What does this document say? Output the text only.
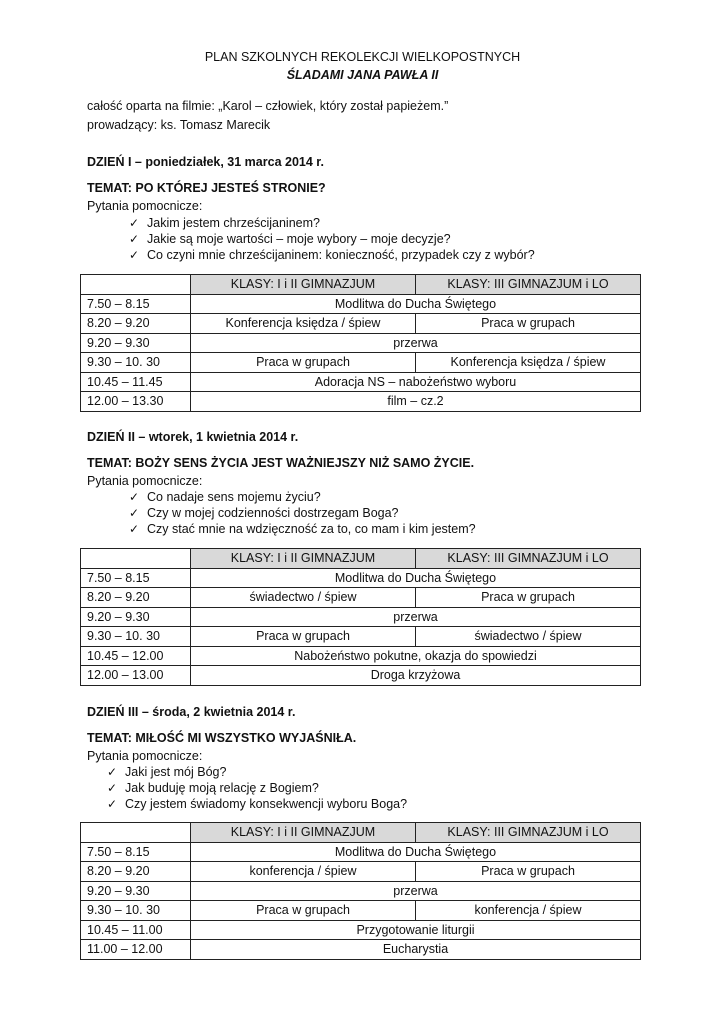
PLAN SZKOLNYCH REKOLEKCJI WIELKOPOSTNYCH
ŚLADAMI JANA PAWŁA II
całość oparta na filmie: „Karol – człowiek, który został papieżem.”
prowadzący: ks. Tomasz Marecik
DZIEŃ I – poniedziałek, 31 marca 2014 r.
TEMAT: PO KTÓREJ JESTEŚ STRONIE?
Pytania pomocnicze:
✓ Jakim jestem chrześcijaninem?
✓ Jakie są moje wartości – moje wybory – moje decyzje?
✓ Co czyni mnie chrześcijaninem: konieczność, przypadek czy z wybór?
	KLASY: I i II GIMNAZJUM	KLASY: III GIMNAZJUM i LO
7.50 – 8.15	Modlitwa do Ducha Świętego	
8.20 – 9.20	Konferencja księdza / śpiew	Praca w grupach
9.20 – 9.30	przerwa	
9.30 – 10. 30	Praca w grupach	Konferencja księdza / śpiew
10.45 – 11.45	Adoracja NS – nabożeństwo wyboru	
12.00 – 13.30	film – cz.2	
DZIEŃ II – wtorek, 1 kwietnia 2014 r.
TEMAT: BOŻY SENS ŻYCIA JEST WAŻNIEJSZY NIŻ SAMO ŻYCIE.
Pytania pomocnicze:
✓ Co nadaje sens mojemu życiu?
✓ Czy w mojej codzienności dostrzegam Boga?
✓ Czy stać mnie na wdzięczność za to, co mam i kim jestem?
	KLASY: I i II GIMNAZJUM	KLASY: III GIMNAZJUM i LO
7.50 – 8.15	Modlitwa do Ducha Świętego	
8.20 – 9.20	świadectwo / śpiew	Praca w grupach
9.20 – 9.30	przerwa	
9.30 – 10. 30	Praca w grupach	świadectwo / śpiew
10.45 – 12.00	Nabożeństwo pokutne, okazja do spowiedzi	
12.00 – 13.00	Droga krzyżowa	
DZIEŃ III – środa, 2 kwietnia 2014 r.
TEMAT: MIŁOŚĆ MI WSZYSTKO WYJAŚNIŁA.
Pytania pomocnicze:
✓ Jaki jest mój Bóg?
✓ Jak buduję moją relację z Bogiem?
✓ Czy jestem świadomy konsekwencji wyboru Boga?
	KLASY: I i II GIMNAZJUM	KLASY: III GIMNAZJUM i LO
7.50 – 8.15	Modlitwa do Ducha Świętego	
8.20 – 9.20	konferencja / śpiew	Praca w grupach
9.20 – 9.30	przerwa	
9.30 – 10. 30	Praca w grupach	konferencja / śpiew
10.45 – 11.00	Przygotowanie liturgii	
11.00 – 12.00	Eucharystia	
